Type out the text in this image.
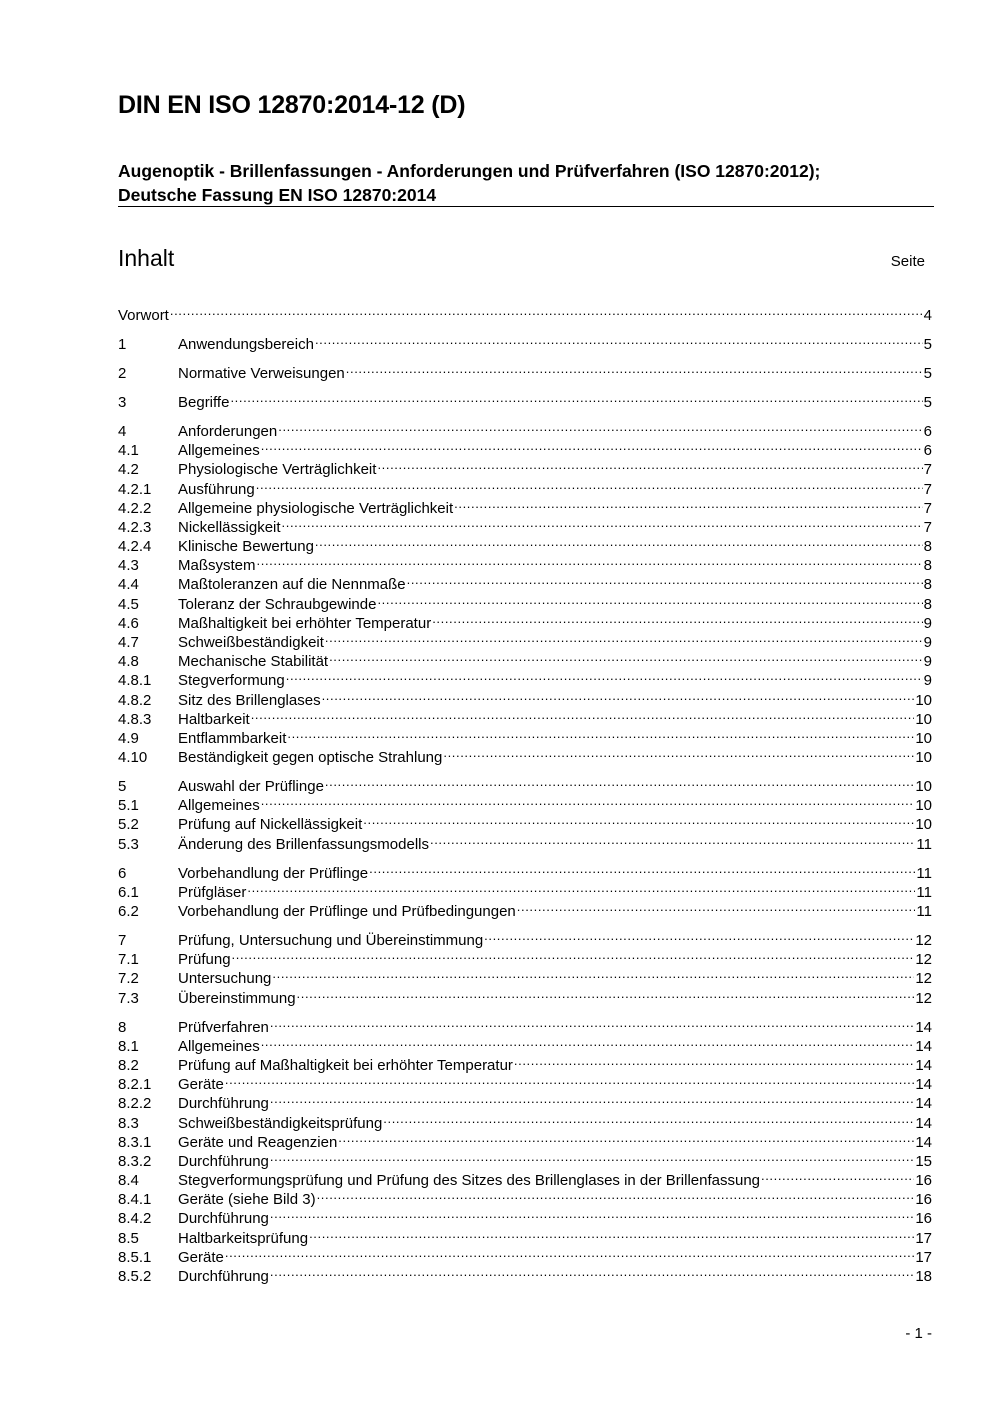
DIN EN ISO 12870:2014-12 (D)
Augenoptik - Brillenfassungen - Anforderungen und Prüfverfahren (ISO 12870:2012);
Deutsche Fassung EN ISO 12870:2014
Inhalt	Seite
Vorwort .....	4
1	Anwendungsbereich .....	5
2	Normative Verweisungen .....	5
3	Begriffe .....	5
4	Anforderungen .....	6
4.1	Allgemeines .....	6
4.2	Physiologische Verträglichkeit .....	7
4.2.1	Ausführung .....	7
4.2.2	Allgemeine physiologische Verträglichkeit .....	7
4.2.3	Nickellässigkeit .....	7
4.2.4	Klinische Bewertung .....	8
4.3	Maßsystem .....	8
4.4	Maßtoleranzen auf die Nennmaße .....	8
4.5	Toleranz der Schraubgewinde .....	8
4.6	Maßhaltigkeit bei erhöhter Temperatur .....	9
4.7	Schweißbeständigkeit .....	9
4.8	Mechanische Stabilität .....	9
4.8.1	Stegverformung .....	9
4.8.2	Sitz des Brillenglases .....	10
4.8.3	Haltbarkeit .....	10
4.9	Entflammbarkeit .....	10
4.10	Beständigkeit gegen optische Strahlung .....	10
5	Auswahl der Prüflinge .....	10
5.1	Allgemeines .....	10
5.2	Prüfung auf Nickellässigkeit .....	10
5.3	Änderung des Brillenfassungsmodells .....	11
6	Vorbehandlung der Prüflinge .....	11
6.1	Prüfgläser .....	11
6.2	Vorbehandlung der Prüflinge und Prüfbedingungen .....	11
7	Prüfung, Untersuchung und Übereinstimmung .....	12
7.1	Prüfung .....	12
7.2	Untersuchung .....	12
7.3	Übereinstimmung .....	12
8	Prüfverfahren .....	14
8.1	Allgemeines .....	14
8.2	Prüfung auf Maßhaltigkeit bei erhöhter Temperatur .....	14
8.2.1	Geräte .....	14
8.2.2	Durchführung .....	14
8.3	Schweißbeständigkeitsprüfung .....	14
8.3.1	Geräte und Reagenzien .....	14
8.3.2	Durchführung .....	15
8.4	Stegverformungsprüfung und Prüfung des Sitzes des Brillenglases in der Brillenfassung .....	16
8.4.1	Geräte (siehe Bild 3) .....	16
8.4.2	Durchführung .....	16
8.5	Haltbarkeitsprüfung .....	17
8.5.1	Geräte .....	17
8.5.2	Durchführung .....	18
- 1 -
